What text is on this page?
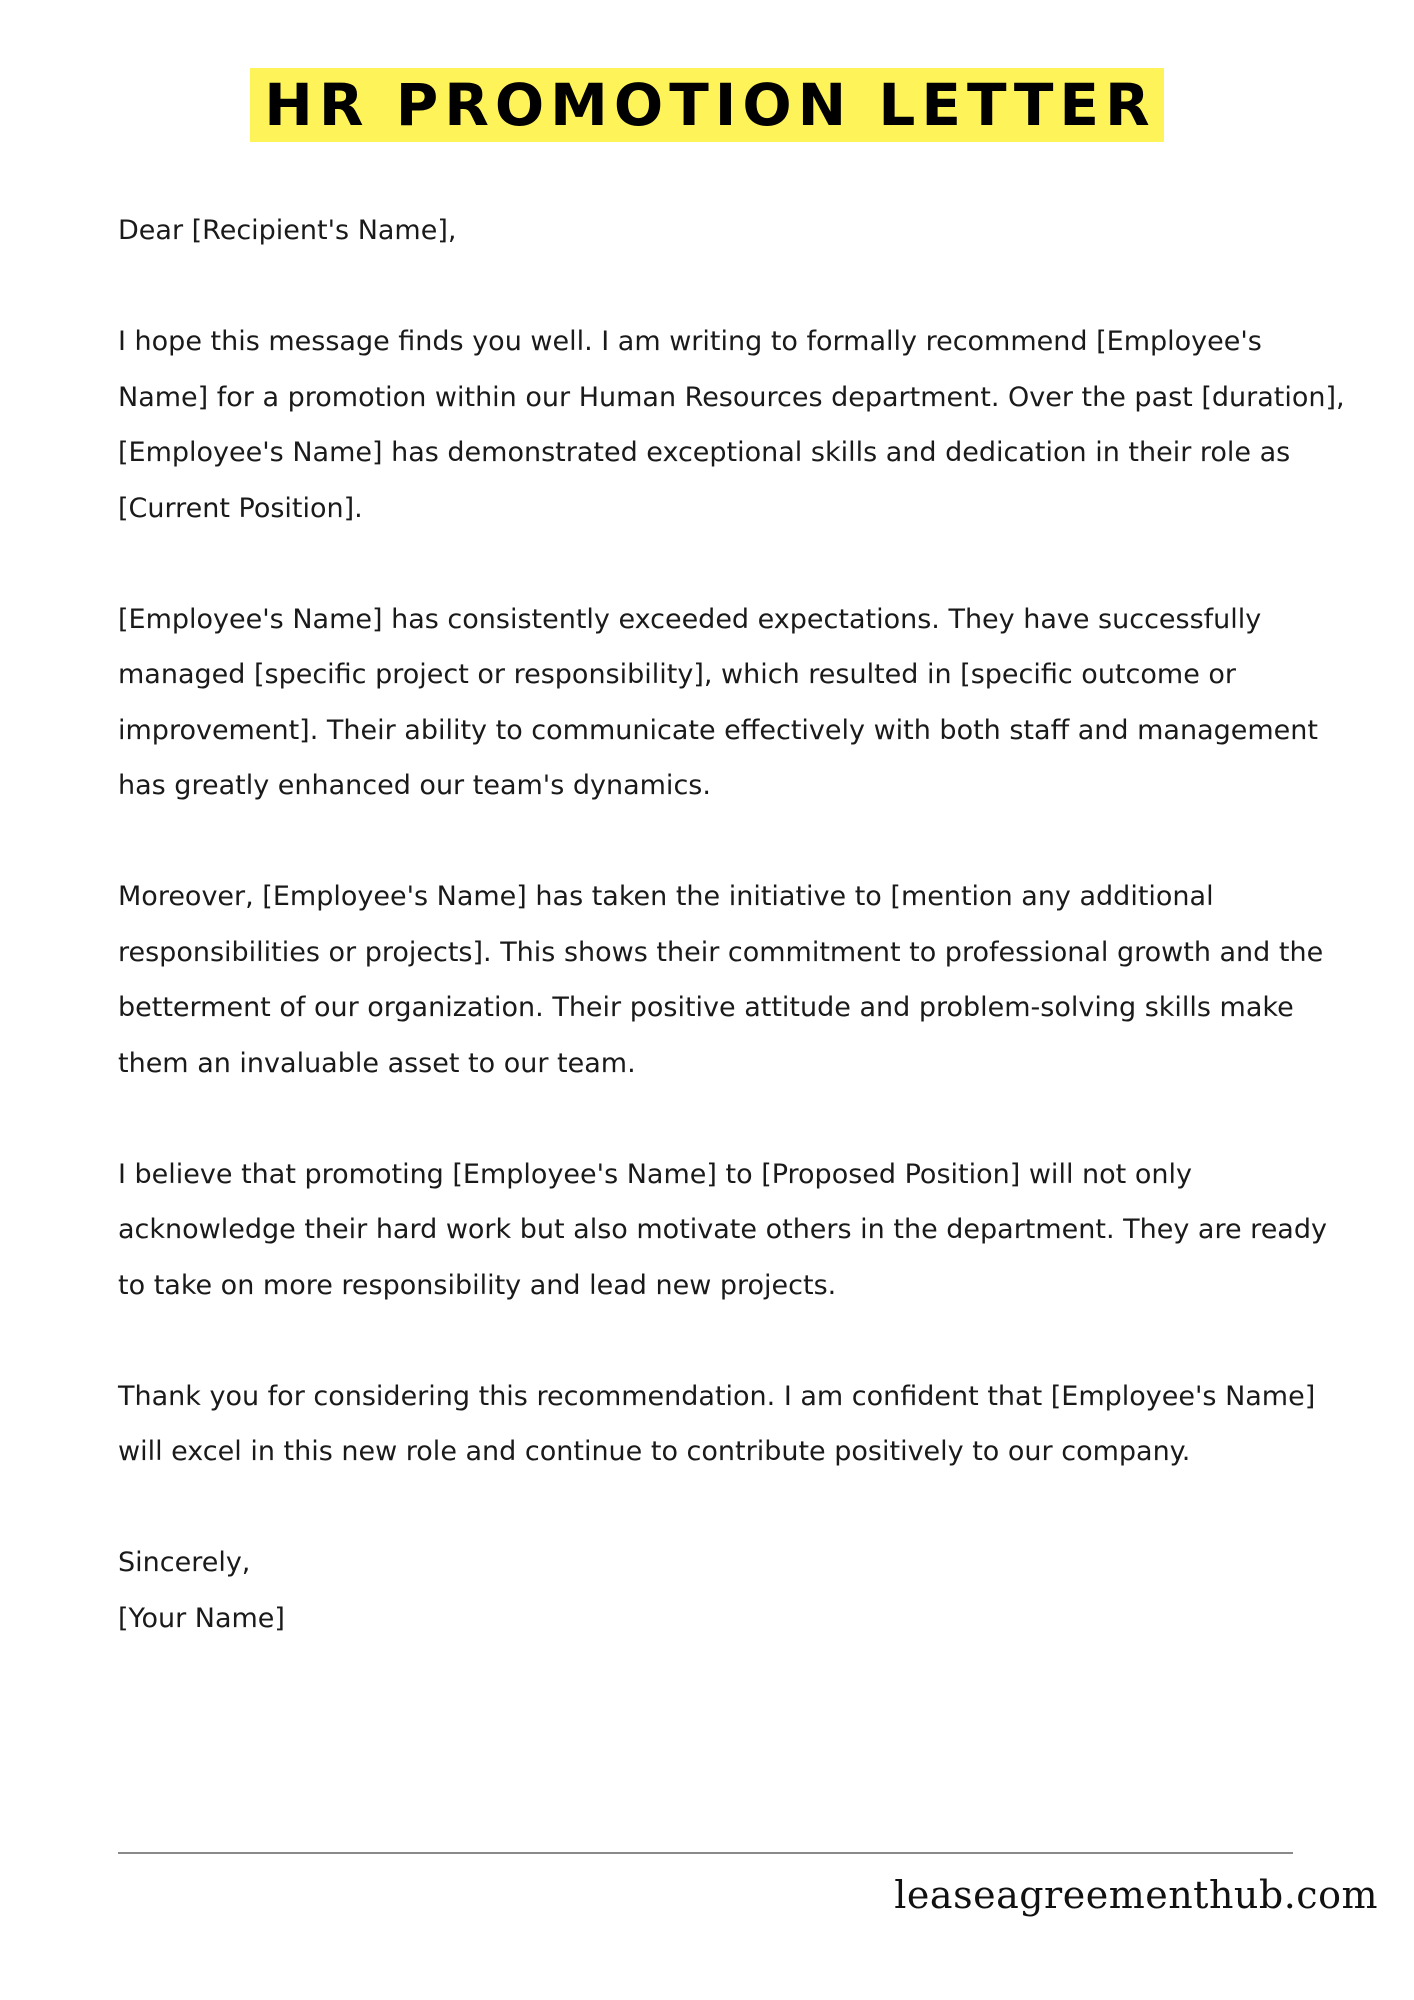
HR PROMOTION LETTER

Dear [Recipient's Name],

I hope this message finds you well. I am writing to formally recommend [Employee's Name] for a promotion within our Human Resources department. Over the past [duration], [Employee's Name] has demonstrated exceptional skills and dedication in their role as [Current Position].

[Employee's Name] has consistently exceeded expectations. They have successfully managed [specific project or responsibility], which resulted in [specific outcome or improvement]. Their ability to communicate effectively with both staff and management has greatly enhanced our team's dynamics.

Moreover, [Employee's Name] has taken the initiative to [mention any additional responsibilities or projects]. This shows their commitment to professional growth and the betterment of our organization. Their positive attitude and problem-solving skills make them an invaluable asset to our team.

I believe that promoting [Employee's Name] to [Proposed Position] will not only acknowledge their hard work but also motivate others in the department. They are ready to take on more responsibility and lead new projects.

Thank you for considering this recommendation. I am confident that [Employee's Name] will excel in this new role and continue to contribute positively to our company.

Sincerely,
[Your Name]
leaseagreementhub.com
